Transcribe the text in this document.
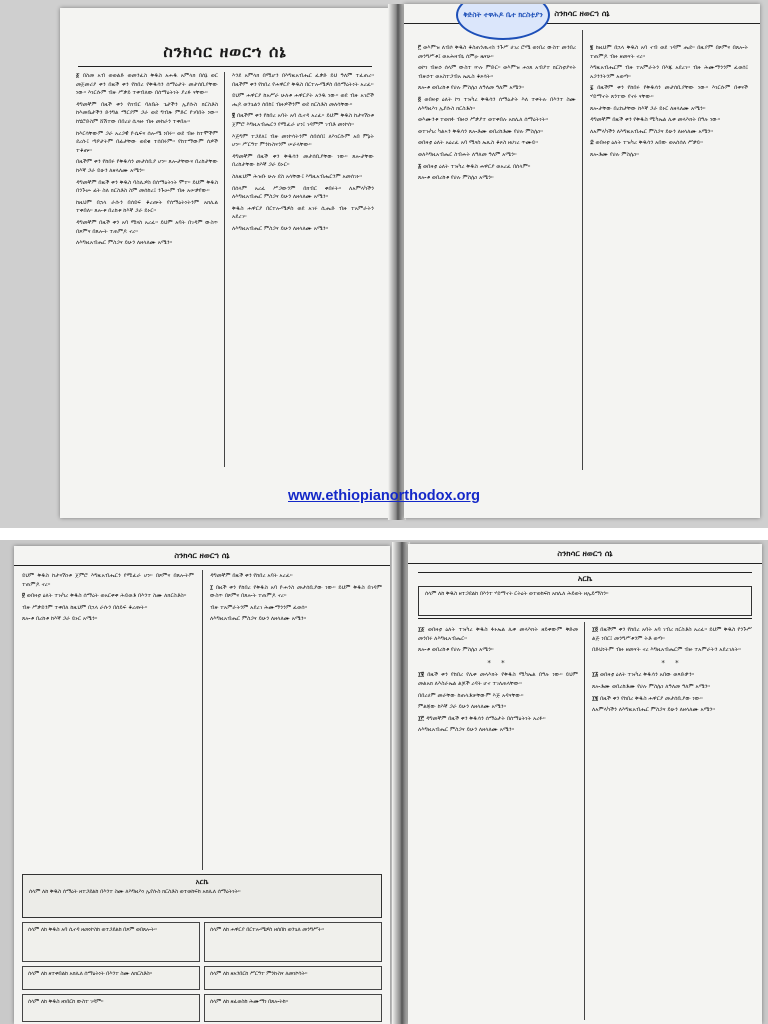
ስንክሳር ዘወርኀ ሰኔ

፩ በስመ አብ ወወልድ ወመንፈስ ቅዱስ አሐዱ አምላክ በሰኔ ወር መጀመሪያ ቀን በዚች ቀን የከበረ የቅዱሳን ሰማዕታት መታሰቢያቸው ነው። እነርሱም ብዙ ሥቃይ ተቀብለው በሰማዕትነት ያረፉ ናቸው።

ዳግመኛም በዚች ቀን የክብር ባለቤት ጌታችን ኢየሱስ ክርስቶስ ከእመቤታችን ድንግል ማርያም ጋራ ወደ ግብጽ ምድር የገባበት ነው። ከሄሮድስም ሸሽተው በበረሀ ሲጓዙ ብዙ መከራን ተቀበሉ።

ከእርሳቸውም ጋራ አረጋዊ ዮሴፍና ሰሎሜ ነበሩ። ወደ ብዙ ከተሞችም ደረሱ፤ ጣዖታትም በፊታቸው ወደቁ ተሰበሩም። የከተማውም ሰዎች ተቆጡ።

በዚችም ቀን የከበሩ የቅዱሳን መታሰቢያ ሆነ። ጸሎታቸውና በረከታቸው ከእኛ ጋራ ይሁን ለዘላለሙ አሜን።

ዳግመኛም በዚች ቀን ቅዱስ ባስሊዎስ በሰማዕትነት ሞተ። ይህም ቅዱስ በንጉሡ ፊት ስለ ክርስቶስ ስም መሰከረ፤ ንጉሡም ብዙ አሠቃየው።

ከዚህም በኋላ ራሱን በሰይፍ ቆረጡት የሰማዕትነትንም አክሊል ተቀበለ። ጸሎቱ በረከቱ ከእኛ ጋራ ይኑር።

ዳግመኛም በዚች ቀን አባ ሚናስ አረፈ። ይህም አባት በገዳም ውስጥ በጾምና በጸሎት ተጠምዶ ኖረ።

ለእግዚአብሔር ምስጋና ይሁን ለዘላለሙ አሜን።

እንደ አምላክ በሚሆን በእግዚአብሔር ፈቃድ ይህ ዓለም ተፈጠረ። በዚችም ቀን የከበረ የሐዋርያ ቅዱስ በርተሎሜዎስ በሰማዕትነት አረፈ።

ይህም ሐዋርያ ከአሥራ ሁለቱ ሐዋርያት አንዱ ነው። ወደ ብዙ አገሮች ሔዶ ወንጌልን ሰበከ፤ ብዙዎችንም ወደ ክርስቶስ መለሳቸው።

፪ በዚችም ቀን የከበረ አባት አባ ሲኖዳ አረፈ። ይህም ቅዱስ ከታናሽነቱ ጀምሮ እግዚአብሔርን የሚፈራ ሆነ፤ ገዳምም ገብቶ መነኮሰ።

እጅግም ተጋደለ፤ ብዙ መነኮሳትንም ሰበሰበ፤ ለእነርሱም አበ ምኔት ሆነ። ሥርዓተ ምንኩስናንም ሠራላቸው።

ዳግመኛም በዚች ቀን ቅዱሳን መታሰቢያቸው ነው። ጸሎታቸው በረከታቸው ከእኛ ጋራ ይኑር።

ስለዚህም ሕዝቡ ሁሉ ደስ አላቸው፤ እግዚአብሔርንም አመሰገኑ።

በሰላም አረፈ ሥጋውንም በክብር ቀበሩት። ለአምላካችን ለእግዚአብሔር ምስጋና ይሁን ለዘላለሙ አሜን።

ቅዱስ ሐዋርያ በርተሎሜዎስ ወደ አገሩ ሲሔድ ብዙ ተአምራትን አደረገ።

ለእግዚአብሔር ምስጋና ይሁን ለዘላለሙ አሜን።

ስንክሳር ዘወርኀ ሰኔ
ቅድስት ተዋሕዶ ቤተ ክርስቲያን

፫ ወእምዝ ለብሶ ቅዱስ ቆስጠንጢኖስ ንጉሥ ሀገረ ሮሜ ወነበረ ውስተ መንበረ መንግሥቱ፤ ወአሕዛብኒ ሰምዑ ዜናሁ።

ወኮነ ብዙኃ ሰላም ውስተ ኵሉ ምድር። ወእምዝ ሐነጸ አብያተ ክርስቲያናት ብዙኃተ ወአስተጋብአ ኤጲስ ቆጶሳት።

ጸሎቱ ወበረከቱ የሀሉ ምስሌነ ለዓለመ ዓለም አሜን።

፬ ወበዛቲ ዕለት ኮነ ተዝካረ ቅዱሳን ሰማዕታት እለ ተቀትሉ በእንተ ስሙ ለእግዚእነ ኢየሱስ ክርስቶስ።

ወእሙንቱ ተወክፉ ብዙኃ ሥቃያተ ወተቀበሉ አክሊለ ሰማዕትነት።

ወተዝካረ ካልኣን ቅዱሳን ጸሎቶሙ ወበረከቶሙ የሀሉ ምስሌነ።

ወበዛቲ ዕለት አዕረፈ አባ ሚናስ ኤጲስ ቆጶስ ዘሀገረ ጥሙይ።

ወለእግዚአብሔር ስብሐት ለዓለመ ዓለም አሜን።

፭ ወበዛቲ ዕለት ተዝካረ ቅዱስ ሐዋርያ ወአረፈ በሰላም።

ጸሎቱ ወበረከቱ የሀሉ ምስሌነ አሜን።

፮ ከዚህም በኋላ ቅዱስ አባ ኖብ ወደ ገዳም ሔደ። በዚያም በጾምና በጸሎት ተጠምዶ ብዙ ዘመናት ኖረ።

እግዚአብሔርም ብዙ ተአምራትን በእጁ አደረገ። ብዙ ሕሙማንንም ፈወሰ፤ አጋንንትንም አወጣ።

፯ በዚችም ቀን የከበሩ የቅዱሳን መታሰቢያቸው ነው። እነርሱም በቀናች ሃይማኖት ጸንተው የኖሩ ናቸው።

ጸሎታቸው በረከታቸው ከእኛ ጋራ ይኑር ለዘላለሙ አሜን።

ዳግመኛም በዚች ቀን የቅዱስ ሚካኤል ሊቀ መላእክት በዓሉ ነው።

ለአምላካችን ለእግዚአብሔር ምስጋና ይሁን ለዘላለሙ አሜን።

፰ ወበዛቲ ዕለት ተዝካረ ቅዱሳን አበው ወአሰሰለ ሥቃይ።

ጸሎቶሙ የሀሉ ምስሌነ።

www.ethiopianorthodox.org
ስንክሳር ዘወርኀ ሰኔ

ይህም ቅዱስ ከታናሽነቱ ጀምሮ እግዚአብሔርን የሚፈራ ሆነ። በጾምና በጸሎትም ተጠምዶ ኖረ።

፱ ወበዛቲ ዕለት ተዝካረ ቅዱስ ሰማዕት ወአርቀቀ ሕይወቶ በእንተ ስሙ ለክርስቶስ።

ብዙ ሥቃይንም ተቀበለ ከዚህም በኋላ ራሱን በሰይፍ ቆረጡት።

ጸሎቱ በረከቱ ከእኛ ጋራ ይኑር አሜን።

ዳግመኛም በዚች ቀን የከበረ አባት አረፈ።

፲ በዚች ቀን የከበረ የቅዱስ አባ ዮሐንስ መታሰቢያው ነው። ይህም ቅዱስ በገዳም ውስጥ በጾምና በጸሎት ተጠምዶ ኖረ።

ብዙ ተአምራትንም አደረገ ሕሙማንንም ፈወሰ።

ለእግዚአብሔር ምስጋና ይሁን ለዘላለሙ አሜን።

አርኬ
ሰላም ለከ ቅዱስ ሰማዕት ዘተጋደልከ በእንተ ስሙ ለእግዚእነ ኢየሱስ ክርስቶስ ወተወከፍከ አክሊለ ሰማዕትነት።
ሰላም ለከ ቅዱስ አባ ሲኖዳ ዘመነኮስከ ወተጋደልከ በጾም ወበጸሎት።	ሰላም ለከ ሐዋርያ በርተሎሜዎስ ዘሰበከ ወንጌለ መንግሥት።
ሰላም ለከ ዘተቀበልከ አክሊለ ሰማዕትነት በእንተ ስሙ ለክርስቶስ።	ሰላም ለከ ዘአንበርከ ሥርዓተ ምንኩስና ለመነኮሳት።
ሰላም ለከ ቅዱስ ዘነበርከ ውስተ ገዳም።	ሰላም ለከ ዘፈወስከ ሕሙማነ በጸሎትከ።
ስንክሳር ዘወርኀ ሰኔ
አርኬ
ሰላም ለከ ቅዱስ ዘተጋደልከ በእንተ ሃይማኖት ርትዕት ወተወከፍከ አክሊለ ሕይወት ዘኢይማስን።

፲፩ ወበዛቲ ዕለት ተዝካረ ቅዱስ ፋኑኤል ሊቀ መላእክት ዘይቀውም ቅድመ መንበሩ ለእግዚአብሔር።

ጸሎቱ ወበረከቱ የሀሉ ምስሌነ አሜን።

* *

፲፪ በዚች ቀን የከበረ የሊቀ መላእክት የቅዱስ ሚካኤል በዓሉ ነው። ይህም መልአክ ለእስራኤል ልጆች ረዳት ሆኖ ተገለጠላቸው።

በበረሀም መራቸው ከጠላቶቻቸውም እጅ አዳናቸው።

ምልጃው ከእኛ ጋራ ይሁን ለዘላለሙ አሜን።

፲፫ ዳግመኛም በዚች ቀን ቅዱሳን ሰማዕታት በሰማዕትነት አረፉ።

ለእግዚአብሔር ምስጋና ይሁን ለዘላለሙ አሜን።

፲፬ በዚችም ቀን የከበረ አባት አባ ገብረ ክርስቶስ አረፈ። ይህም ቅዱስ የንጉሥ ልጅ ነበር፤ መንግሥቱንም ትቶ ወጣ።

በድህነትም ብዙ ዘመናት ኖረ እግዚአብሔርም ብዙ ተአምራትን አደረገለት።

* *

፲፭ ወበዛቲ ዕለት ተዝካረ ቅዱሳን አበው ወጻድቃን።

ጸሎቶሙ ወበረከቶሙ የሀሉ ምስሌነ ለዓለመ ዓለም አሜን።

፲፮ በዚች ቀን የከበረ ቅዱስ ሐዋርያ መታሰቢያው ነው።

ለአምላካችን ለእግዚአብሔር ምስጋና ይሁን ለዘላለሙ አሜን።
